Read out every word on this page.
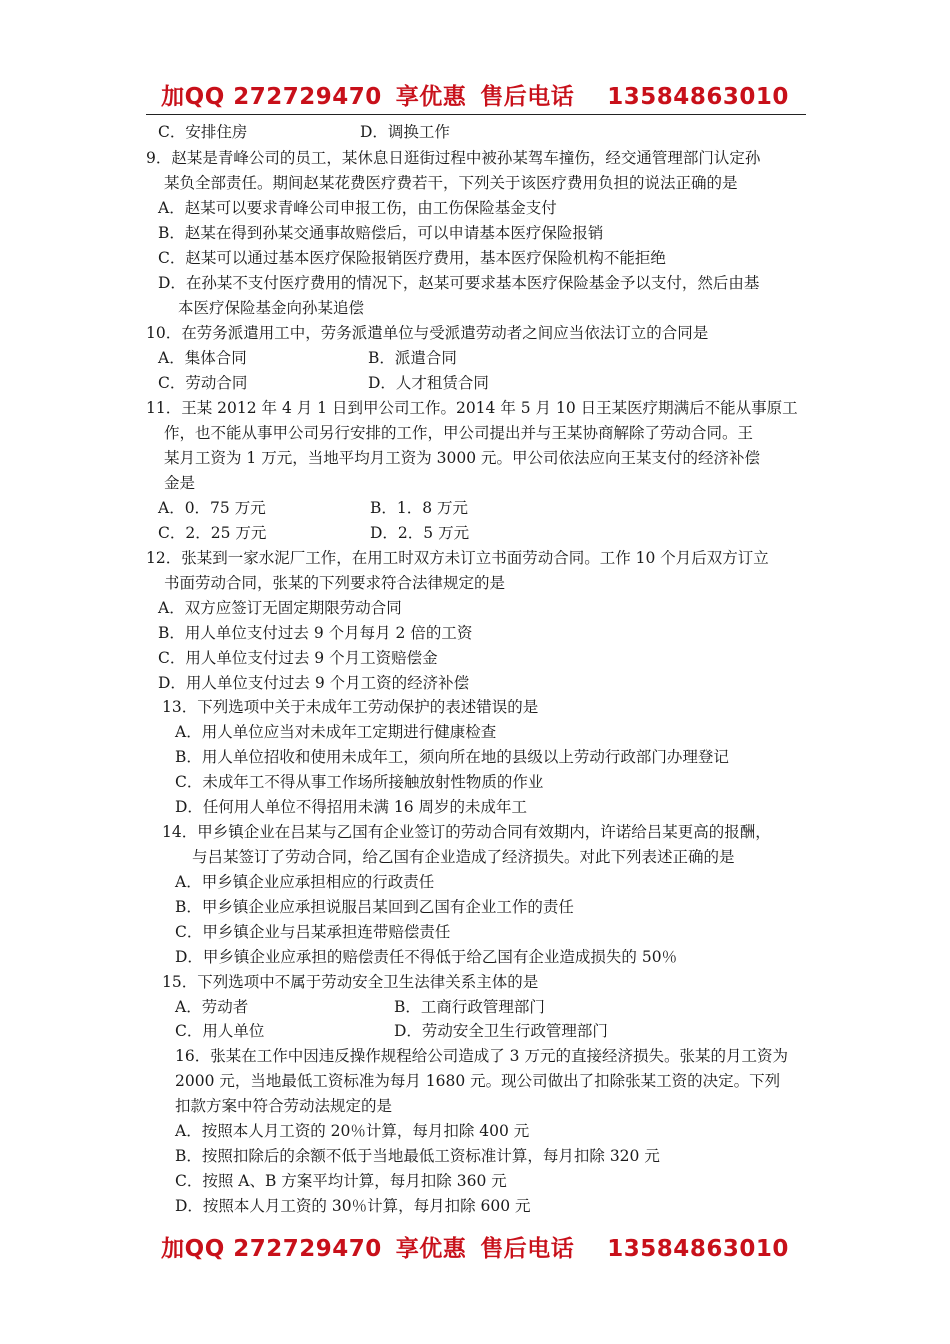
加QQ 272729470 享优惠 售后电话 13584863010
C．安排住房	D．调换工作
9．赵某是青峰公司的员工，某休息日逛街过程中被孙某驾车撞伤，经交通管理部门认定孙
某负全部责任。期间赵某花费医疗费若干，下列关于该医疗费用负担的说法正确的是
A．赵某可以要求青峰公司申报工伤，由工伤保险基金支付
B．赵某在得到孙某交通事故赔偿后，可以申请基本医疗保险报销
C．赵某可以通过基本医疗保险报销医疗费用，基本医疗保险机构不能拒绝
D．在孙某不支付医疗费用的情况下，赵某可要求基本医疗保险基金予以支付，然后由基
本医疗保险基金向孙某追偿
10．在劳务派遣用工中，劳务派遣单位与受派遣劳动者之间应当依法订立的合同是
A．集体合同	B．派遣合同
C．劳动合同	D．人才租赁合同
11．王某 2012 年 4 月 1 日到甲公司工作。2014 年 5 月 10 日王某医疗期满后不能从事原工
作，也不能从事甲公司另行安排的工作，甲公司提出并与王某协商解除了劳动合同。王
某月工资为 1 万元，当地平均月工资为 3000 元。甲公司依法应向王某支付的经济补偿
金是
A．0．75 万元	B．1．8 万元
C．2．25 万元	D．2．5 万元
12．张某到一家水泥厂工作，在用工时双方未订立书面劳动合同。工作 10 个月后双方订立
书面劳动合同，张某的下列要求符合法律规定的是
A．双方应签订无固定期限劳动合同
B．用人单位支付过去 9 个月每月 2 倍的工资
C．用人单位支付过去 9 个月工资赔偿金
D．用人单位支付过去 9 个月工资的经济补偿
13．下列选项中关于未成年工劳动保护的表述错误的是
A．用人单位应当对未成年工定期进行健康检查
B．用人单位招收和使用未成年工，须向所在地的县级以上劳动行政部门办理登记
C．未成年工不得从事工作场所接触放射性物质的作业
D．任何用人单位不得招用未满 16 周岁的未成年工
14．甲乡镇企业在吕某与乙国有企业签订的劳动合同有效期内，许诺给吕某更高的报酬，
与吕某签订了劳动合同，给乙国有企业造成了经济损失。对此下列表述正确的是
A．甲乡镇企业应承担相应的行政责任
B．甲乡镇企业应承担说服吕某回到乙国有企业工作的责任
C．甲乡镇企业与吕某承担连带赔偿责任
D．甲乡镇企业应承担的赔偿责任不得低于给乙国有企业造成损失的 50％
15．下列选项中不属于劳动安全卫生法律关系主体的是
A．劳动者	B．工商行政管理部门
C．用人单位	D．劳动安全卫生行政管理部门
16．张某在工作中因违反操作规程给公司造成了 3 万元的直接经济损失。张某的月工资为
2000 元，当地最低工资标准为每月 1680 元。现公司做出了扣除张某工资的决定。下列
扣款方案中符合劳动法规定的是
A．按照本人月工资的 20％计算，每月扣除 400 元
B．按照扣除后的余额不低于当地最低工资标准计算，每月扣除 320 元
C．按照 A、B 方案平均计算，每月扣除 360 元
D．按照本人月工资的 30％计算，每月扣除 600 元
加QQ 272729470 享优惠 售后电话 13584863010
